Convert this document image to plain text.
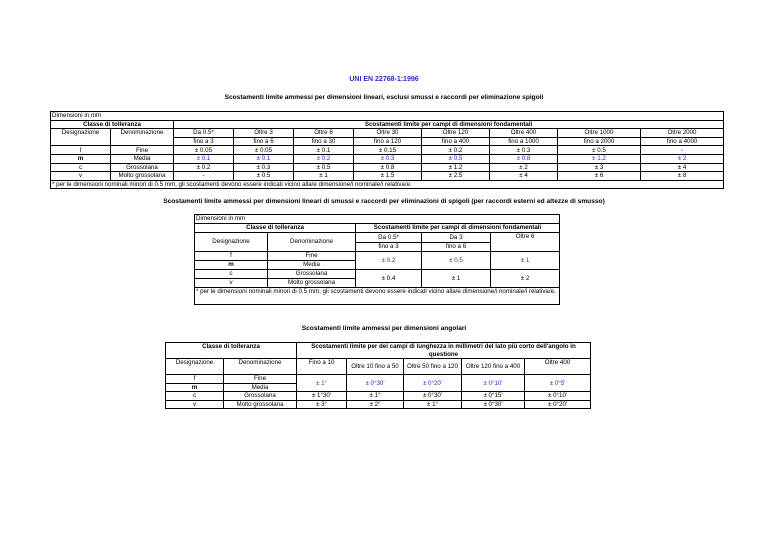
UNI EN 22768-1:1996
Scostamenti limite ammessi per dimensioni lineari, esclusi smussi e raccordi per eliminazione spigoli
Dimensioni in mm									
Classe di tolleranza		Scostamenti limite per campi di dimensioni fondamentali							
Designazione	Denominazione	Da 0.5*	Oltre 3	Oltre 6	Oltre 30	Oltre 120	Oltre 400	Oltre 1000	Oltre 2000
		fino a 3	fino a 6	fino a 30	fino a 120	fino a 400	fino a 1000	fino a 2000	fino a 4000
f	Fine	± 0.05	± 0.05	± 0.1	± 0.15	± 0.2	± 0.3	± 0.5	-
m	Media	± 0.1	± 0.1	± 0.2	± 0.3	± 0.5	± 0.8	± 1.2	± 2
c	Grossolana	± 0.2	± 0.3	± 0.5	± 0.8	± 1.2	± 2	± 3	± 4
v	Molto grossolana	-	± 0.5	± 1	± 1.5	± 2.5	± 4	± 6	± 8
* per le dimensioni nominali minori di 0.5 mm, gli scostamenti devono essere indicati vicino alla/e dimensione/i nominale/i relativa/e.									
Scostamenti limite ammessi per dimensioni lineari di smussi e raccordi per eliminazioni di spigoli (per raccordi esterni ed altezze di smusso)
Dimensioni in mm				
Classe di tolleranza		Scostamenti limite per campi di dimensioni fondamentali		
Designazione	Denominazione	Da 0.5*	Da 3	Oltre 6
		fino a 3	fino a 6	
f	Fine	± 0.2	± 0.5	± 1
m	Media			
c	Grossolana	± 0.4	± 1	± 2
v	Molto grossolana			
* per le dimensioni nominali minori di 0.5 mm, gli scostamenti devono essere indicati vicino alla/e dimensione/i nominale/i relativa/e.				
Scostamenti limite ammessi per dimensioni angolari
Classe di tolleranza		Scostamenti limite per dei campi di lunghezza in millimetri del lato più corto dell'angolo in questione				

Designazione	Denominazione	Fino a 10	Oltre 10 fino a 50	Oltre 50 fino a 120	Oltre 120 fino a 400	Oltre 400
f	Fine	± 1°	± 0°30'	± 0°20'	± 0°10'	± 0°5'
m	Media					
c	Grossolana	± 1°30'	± 1°	± 0°30'	± 0°15'	± 0°10'
v	Molto grossolana	± 3°	± 2°	± 1°	± 0°30'	± 0°20'
